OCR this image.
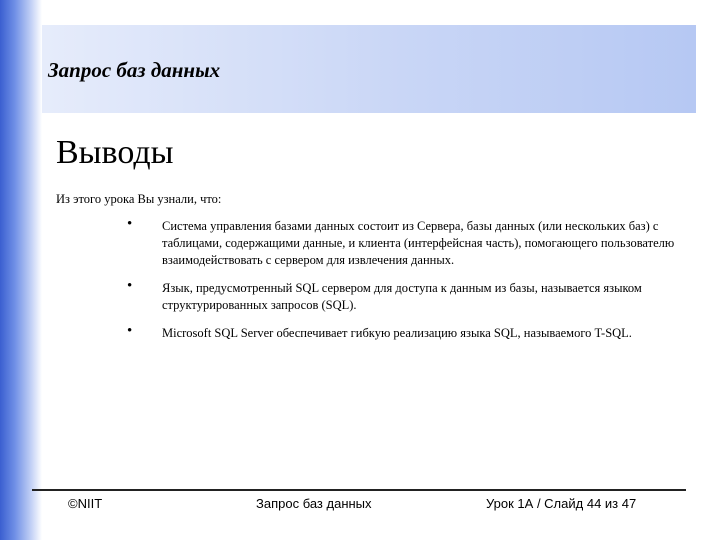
Запрос баз данных
Выводы
Из этого урока Вы узнали, что:
• Система управления базами данных состоит из Сервера, базы данных (или нескольких баз) с таблицами, содержащими данные, и клиента (интерфейсная часть), помогающего пользователю взаимодействовать с сервером для извлечения данных.
• Язык, предусмотренный SQL сервером для доступа к данным из базы, называется языком структурированных запросов (SQL).
• Microsoft SQL Server обеспечивает гибкую реализацию языка SQL, называемого T-SQL.
©NIIT	Запрос баз данных	Урок 1А / Слайд 44 из 47
